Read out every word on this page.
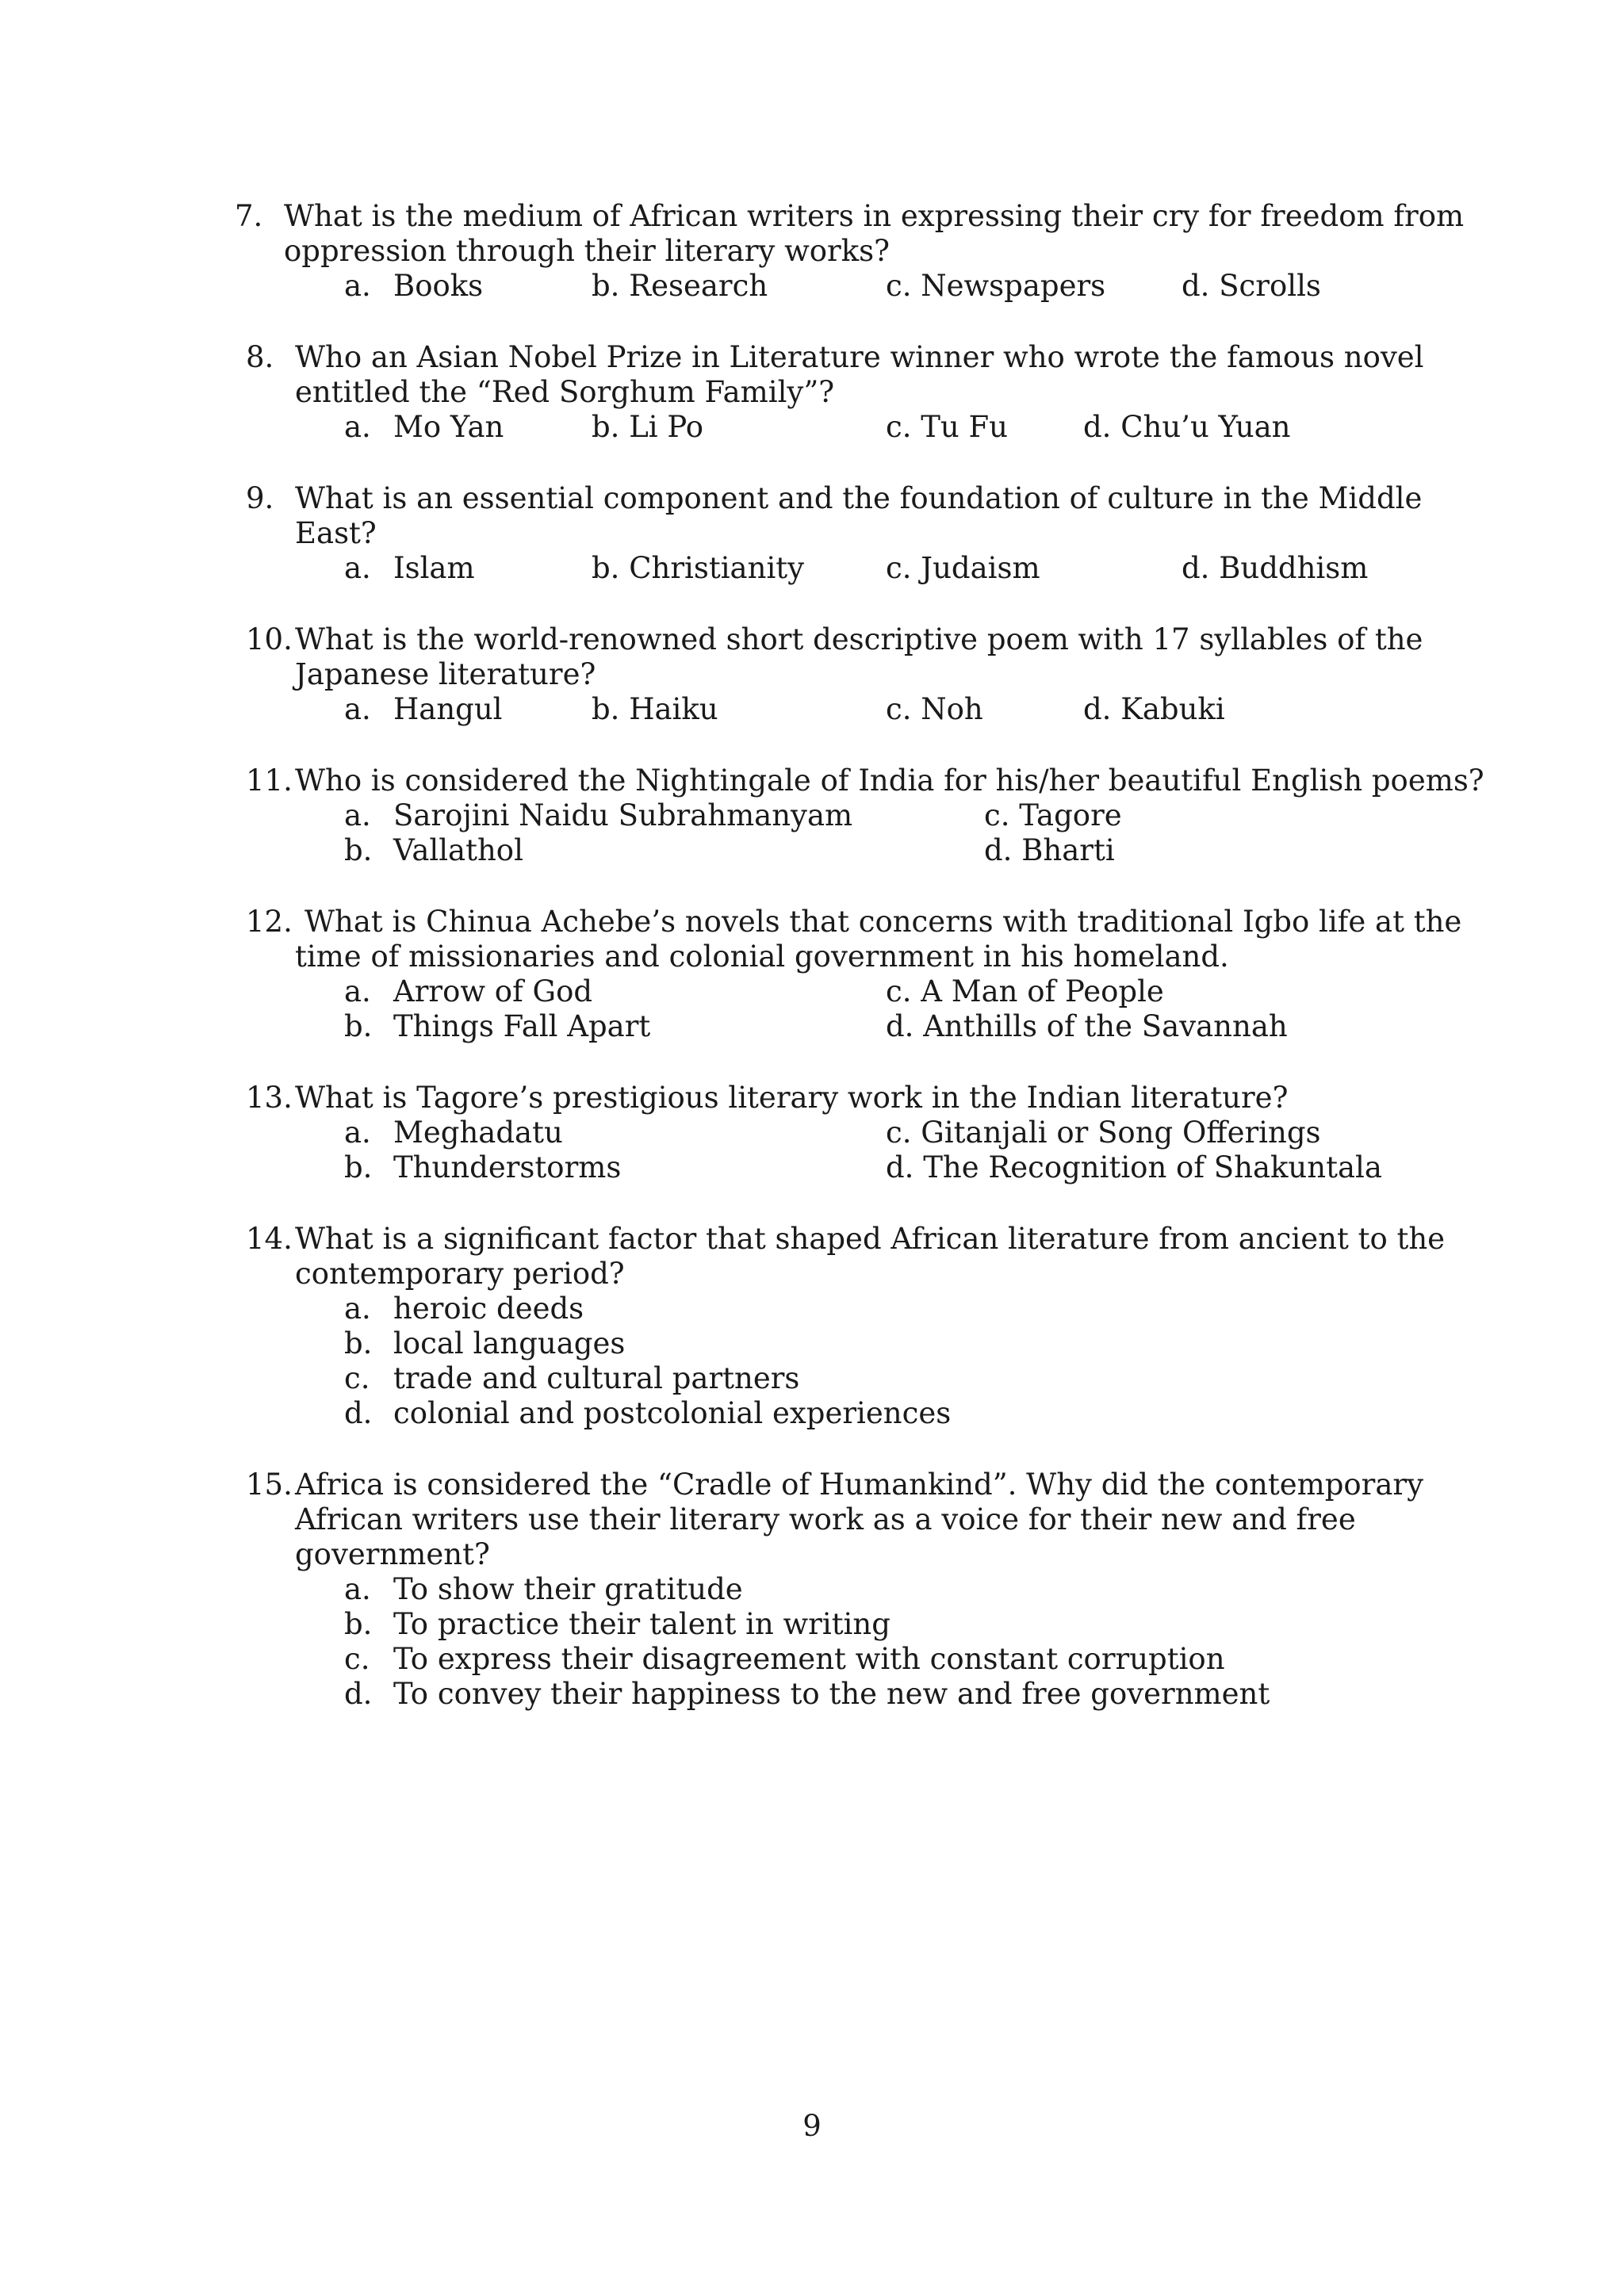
7. What is the medium of African writers in expressing their cry for freedom from
oppression through their literary works?
a. Books	b. Research	c. Newspapers	d. Scrolls
8. Who an Asian Nobel Prize in Literature winner who wrote the famous novel
entitled the “Red Sorghum Family”?
a. Mo Yan	b. Li Po	c. Tu Fu	d. Chu’u Yuan
9. What is an essential component and the foundation of culture in the Middle
East?
a. Islam	b. Christianity	c. Judaism	d. Buddhism
10. What is the world-renowned short descriptive poem with 17 syllables of the
Japanese literature?
a. Hangul	b. Haiku	c. Noh	d. Kabuki
11. Who is considered the Nightingale of India for his/her beautiful English poems?
a. Sarojini Naidu Subrahmanyam	c. Tagore
b. Vallathol	d. Bharti
12. What is Chinua Achebe’s novels that concerns with traditional Igbo life at the
time of missionaries and colonial government in his homeland.
a. Arrow of God	c. A Man of People
b. Things Fall Apart	d. Anthills of the Savannah
13. What is Tagore’s prestigious literary work in the Indian literature?
a. Meghadatu	c. Gitanjali or Song Offerings
b. Thunderstorms	d. The Recognition of Shakuntala
14. What is a significant factor that shaped African literature from ancient to the
contemporary period?
a. heroic deeds
b. local languages
c. trade and cultural partners
d. colonial and postcolonial experiences
15. Africa is considered the “Cradle of Humankind”. Why did the contemporary
African writers use their literary work as a voice for their new and free
government?
a. To show their gratitude
b. To practice their talent in writing
c. To express their disagreement with constant corruption
d. To convey their happiness to the new and free government
9
